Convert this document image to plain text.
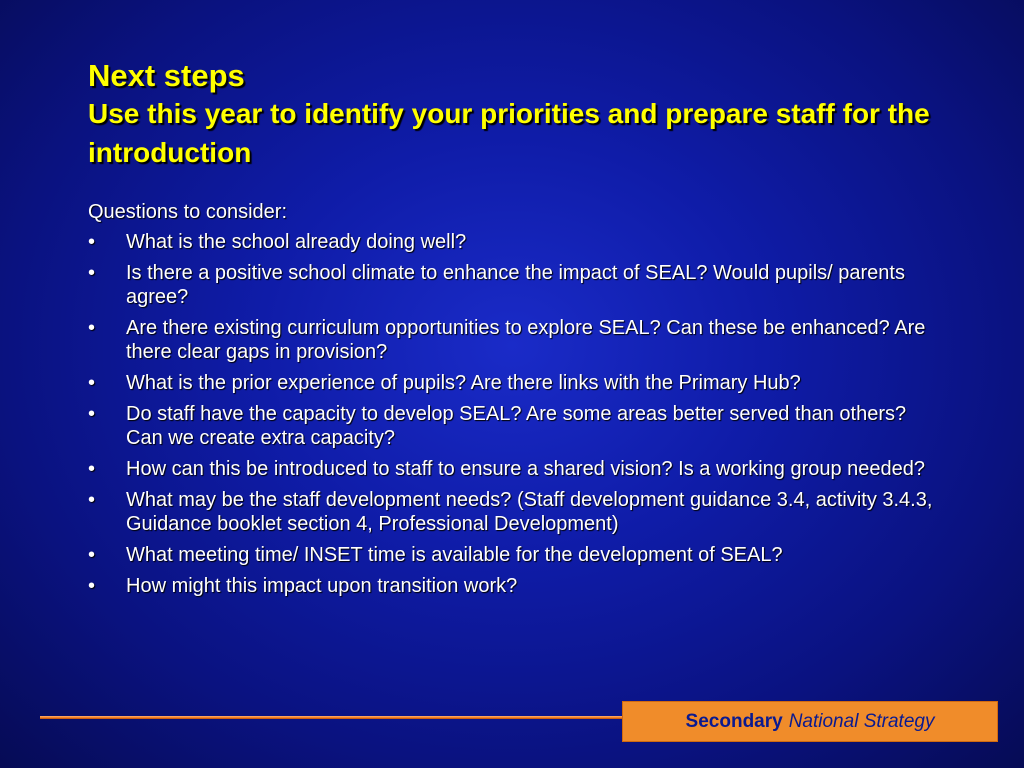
Next steps
Use this year to identify your priorities and prepare staff for the introduction

Questions to consider:

•	What is the school already doing well?
•	Is there a positive school climate to enhance the impact of SEAL? Would pupils/ parents agree?
•	Are there existing curriculum opportunities to explore SEAL? Can these be enhanced? Are there clear gaps in provision?
•	What is the prior experience of pupils? Are there links with the Primary Hub?
•	Do staff have the capacity to develop SEAL? Are some areas better served than others? Can we create extra capacity?
•	How can this be introduced to staff to ensure a shared vision? Is a working group needed?
•	What may be the staff development needs? (Staff development guidance 3.4, activity 3.4.3, Guidance booklet section 4, Professional Development)
•	What meeting time/ INSET time is available for the development of SEAL?
•	How might this impact upon transition work?
Secondary National Strategy
